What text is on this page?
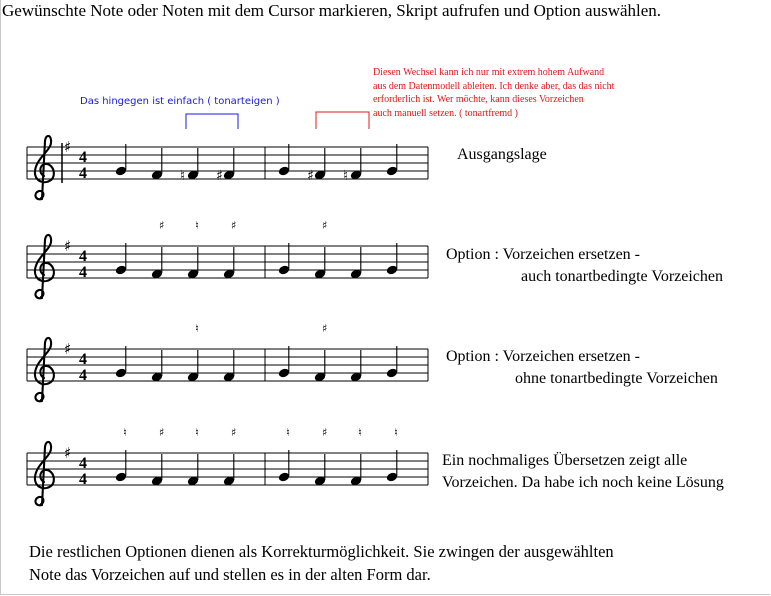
Gewünschte Note oder Noten mit dem Cursor markieren, Skript aufrufen und Option auswählen.
Das hingegen ist einfach ( tonarteigen )
Diesen Wechsel kann ich nur mit extrem hohem Aufwand
aus dem Datenmodell ableiten. Ich denke aber, das das nicht
erforderlich ist. Wer möchte, kann dieses Vorzeichen
auch manuell setzen. ( tonartfremd )
♯
4
4	♮ ♯	♯ ♮
♯
4
4
♯	♮	♯	♯
♯
4
4
♮	♯
♯
4
4
♮	♯	♮	♯	♮	♯	♮	♮
Ausgangslage
Option : Vorzeichen ersetzen -
auch tonartbedingte Vorzeichen
Option : Vorzeichen ersetzen -
ohne tonartbedingte Vorzeichen
Ein nochmaliges Übersetzen zeigt alle
Vorzeichen. Da habe ich noch keine Lösung
Die restlichen Optionen dienen als Korrekturmöglichkeit. Sie zwingen der ausgewählten
Note das Vorzeichen auf und stellen es in der alten Form dar.
